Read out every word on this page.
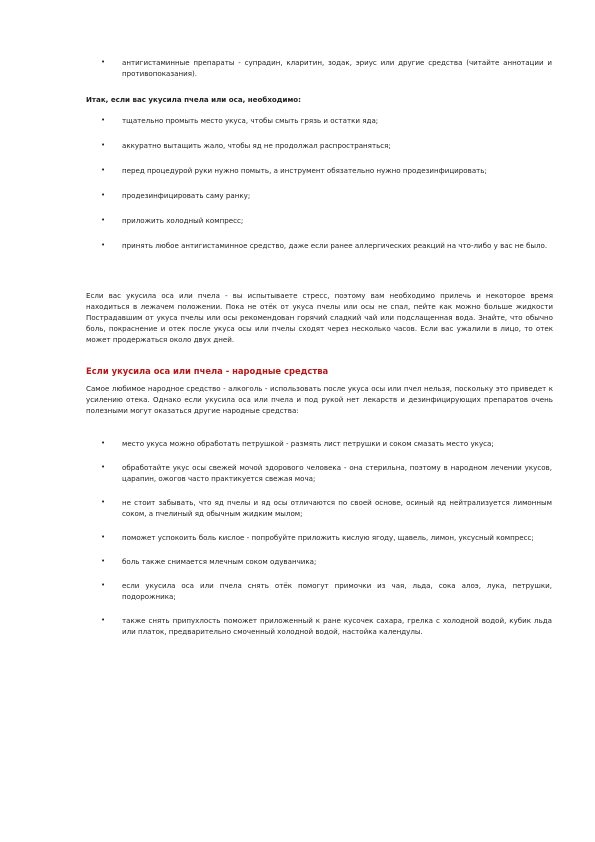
• антигистаминные препараты - супрадин, кларитин, зодак, эриус или другие средства (читайте аннотации и противопоказания).

Итак, если вас укусила пчела или оса, необходимо:

• тщательно промыть место укуса, чтобы смыть грязь и остатки яда;
• аккуратно вытащить жало, чтобы яд не продолжал распространяться;
• перед процедурой руки нужно помыть, а инструмент обязательно нужно продезинфицировать;
• продезинфицировать саму ранку;
• приложить холодный компресс;
• принять любое антигистаминное средство, даже если ранее аллергических реакций на что-либо у вас не было.

Если вас укусила оса или пчела - вы испытываете стресс, поэтому вам необходимо прилечь и некоторое время находиться в лежачем положении. Пока не отёк от укуса пчелы или осы не спал, пейте как можно больше жидкости Пострадавшим от укуса пчелы или осы рекомендован горячий сладкий чай или подслащенная вода. Знайте, что обычно боль, покраснение и отек после укуса осы или пчелы сходят через несколько часов. Если вас ужалили в лицо, то отек может продержаться около двух дней.

Если укусила оса или пчела - народные средства

Самое любимое народное средство - алкоголь - использовать после укуса осы или пчел нельзя, поскольку это приведет к усилению отека. Однако если укусила оса или пчела и под рукой нет лекарств и дезинфицирующих препаратов очень полезными могут оказаться другие народные средства:

• место укуса можно обработать петрушкой - размять лист петрушки и соком смазать место укуса;
• обработайте укус осы свежей мочой здорового человека - она стерильна, поэтому в народном лечении укусов, царапин, ожогов часто практикуется свежая моча;
• не стоит забывать, что яд пчелы и яд осы отличаются по своей основе, осиный яд нейтрализуется лимонным соком, а пчелиный яд обычным жидким мылом;
• поможет успокоить боль кислое - попробуйте приложить кислую ягоду, щавель, лимон, уксусный компресс;
• боль также снимается млечным соком одуванчика;
• если укусила оса или пчела снять отёк помогут примочки из чая, льда, сока алоэ, лука, петрушки, подорожника;
• также снять припухлость поможет приложенный к ране кусочек сахара, грелка с холодной водой, кубик льда или платок, предварительно смоченный холодной водой, настойка календулы.
